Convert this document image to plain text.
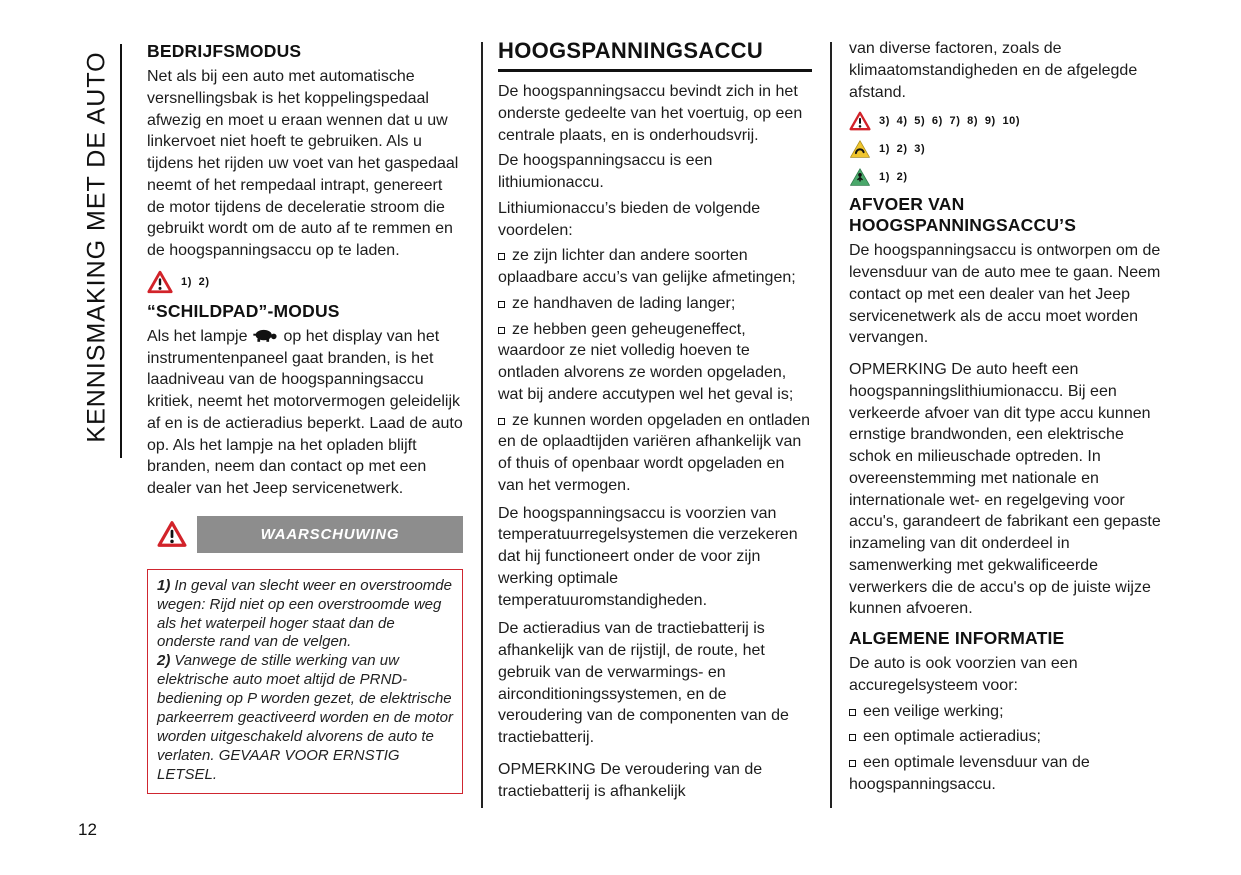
KENNISMAKING MET DE AUTO
12
BEDRIJFSMODUS

Net als bij een auto met automatische versnellingsbak is het koppelingspedaal afwezig en moet u eraan wennen dat u uw linkervoet niet hoeft te gebruiken. Als u tijdens het rijden uw voet van het gaspedaal neemt of het rempedaal intrapt, genereert de motor tijdens de deceleratie stroom die gebruikt wordt om de auto af te remmen en de hoogspanningsaccu op te laden.

1) 2)
“SCHILDPAD”-MODUS

Als het lampje op het display van het instrumentenpaneel gaat branden, is het laadniveau van de hoogspanningsaccu kritiek, neemt het motorvermogen geleidelijk af en is de actieradius beperkt. Laad de auto op. Als het lampje na het opladen blijft branden, neem dan contact op met een dealer van het Jeep servicenetwerk.

WAARSCHUWING

1) In geval van slecht weer en overstroomde wegen: Rijd niet op een overstroomde weg als het waterpeil hoger staat dan de onderste rand van de velgen.

2) Vanwege de stille werking van uw elektrische auto moet altijd de PRND-bediening op P worden gezet, de elektrische parkeerrem geactiveerd worden en de motor worden uitgeschakeld alvorens de auto te verlaten. GEVAAR VOOR ERNSTIG LETSEL.

HOOGSPANNINGSACCU

De hoogspanningsaccu bevindt zich in het onderste gedeelte van het voertuig, op een centrale plaats, en is onderhoudsvrij.

De hoogspanningsaccu is een lithiumionaccu.

Lithiumionaccu’s bieden de volgende voordelen:

ze zijn lichter dan andere soorten oplaadbare accu’s van gelijke afmetingen;
ze handhaven de lading langer;
ze hebben geen geheugeneffect, waardoor ze niet volledig hoeven te ontladen alvorens ze worden opgeladen, wat bij andere accutypen wel het geval is;
ze kunnen worden opgeladen en ontladen en de oplaadtijden variëren afhankelijk van of thuis of openbaar wordt opgeladen en van het vermogen.

De hoogspanningsaccu is voorzien van temperatuurregelsystemen die verzekeren dat hij functioneert onder de voor zijn werking optimale temperatuuromstandigheden.

De actieradius van de tractiebatterij is afhankelijk van de rijstijl, de route, het gebruik van de verwarmings- en airconditioningssystemen, en de veroudering van de componenten van de tractiebatterij.

OPMERKING De veroudering van de tractiebatterij is afhankelijk

van diverse factoren, zoals de klimaatomstandigheden en de afgelegde afstand.

3) 4) 5) 6) 7) 8) 9) 10)
1) 2) 3)
1) 2)
AFVOER VAN HOOGSPANNINGSACCU’S

De hoogspanningsaccu is ontworpen om de levensduur van de auto mee te gaan. Neem contact op met een dealer van het Jeep servicenetwerk als de accu moet worden vervangen.

OPMERKING De auto heeft een hoogspanningslithiumionaccu. Bij een verkeerde afvoer van dit type accu kunnen ernstige brandwonden, een elektrische schok en milieuschade optreden. In overeenstemming met nationale en internationale wet- en regelgeving voor accu's, garandeert de fabrikant een gepaste inzameling van dit onderdeel in samenwerking met gekwalificeerde verwerkers die de accu's op de juiste wijze kunnen afvoeren.

ALGEMENE INFORMATIE

De auto is ook voorzien van een accuregelsysteem voor:

een veilige werking;
een optimale actieradius;
een optimale levensduur van de hoogspanningsaccu.
